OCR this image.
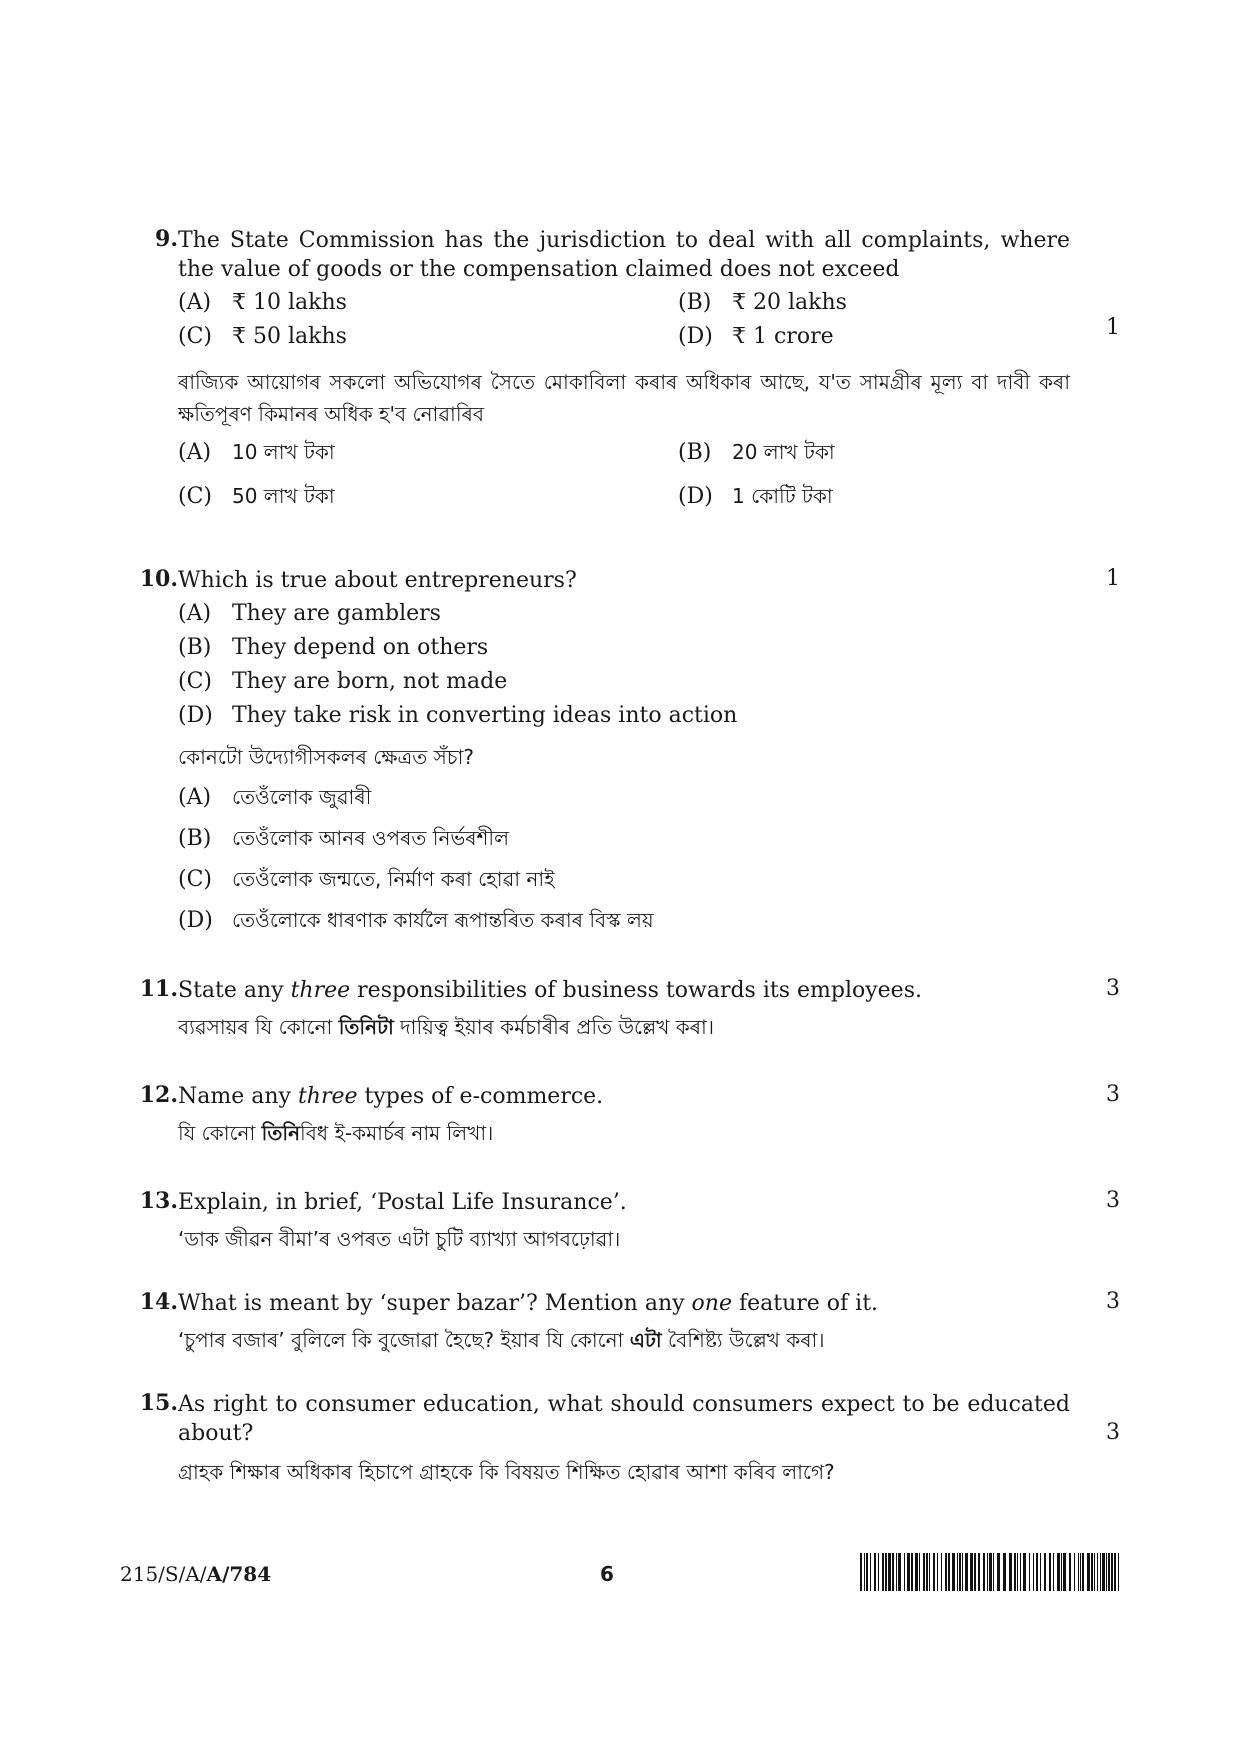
9. The State Commission has the jurisdiction to deal with all complaints, where the value of goods or the compensation claimed does not exceed

(A) ₹ 10 lakhs	(B) ₹ 20 lakhs
(C) ₹ 50 lakhs	(D) ₹ 1 crore

ৰাজ্যিক আয়োগৰ সকলো অভিযোগৰ সৈতে মোকাবিলা কৰাৰ অধিকাৰ আছে, য'ত সামগ্ৰীৰ মূল্য বা দাবী কৰা ক্ষতিপূৰণ কিমানৰ অধিক হ'ব নোৱাৰিব

(A) 10 লাখ টকা	(B) 20 লাখ টকা
(C) 50 লাখ টকা	(D) 1 কোটি টকা
1
10. Which is true about entrepreneurs?

(A) They are gamblers
(B) They depend on others
(C) They are born, not made
(D) They take risk in converting ideas into action

কোনটো উদ্যোগীসকলৰ ক্ষেত্ৰত সঁচা?

(A) তেওঁলোক জুৱাৰী
(B) তেওঁলোক আনৰ ওপৰত নিৰ্ভৰশীল
(C) তেওঁলোক জন্মতে, নিৰ্মাণ কৰা হোৱা নাই
(D) তেওঁলোকে ধাৰণাক কাৰ্যলৈ ৰূপান্তৰিত কৰাৰ বিস্ক লয়
1
11. State any three responsibilities of business towards its employees.

ব্যৱসায়ৰ যি কোনো তিনিটা দায়িত্ব ইয়াৰ কৰ্মচাৰীৰ প্ৰতি উল্লেখ কৰা।

3
12. Name any three types of e-commerce.

যি কোনো তিনিবিধ ই-কমাৰ্চৰ নাম লিখা।

3
13. Explain, in brief, ‘Postal Life Insurance’.

‘ডাক জীৱন বীমা’ৰ ওপৰত এটা চুটি ব্যাখ্যা আগবঢ়োৱা।

3
14. What is meant by ‘super bazar’? Mention any one feature of it.

‘চুপাৰ বজাৰ’ বুলিলে কি বুজোৱা হৈছে? ইয়াৰ যি কোনো এটা বৈশিষ্ট্য উল্লেখ কৰা।

3
15. As right to consumer education, what should consumers expect to be educated about?

গ্ৰাহক শিক্ষাৰ অধিকাৰ হিচাপে গ্ৰাহকে কি বিষয়ত শিক্ষিত হোৱাৰ আশা কৰিব লাগে?

3
215/S/A/A/784	6
